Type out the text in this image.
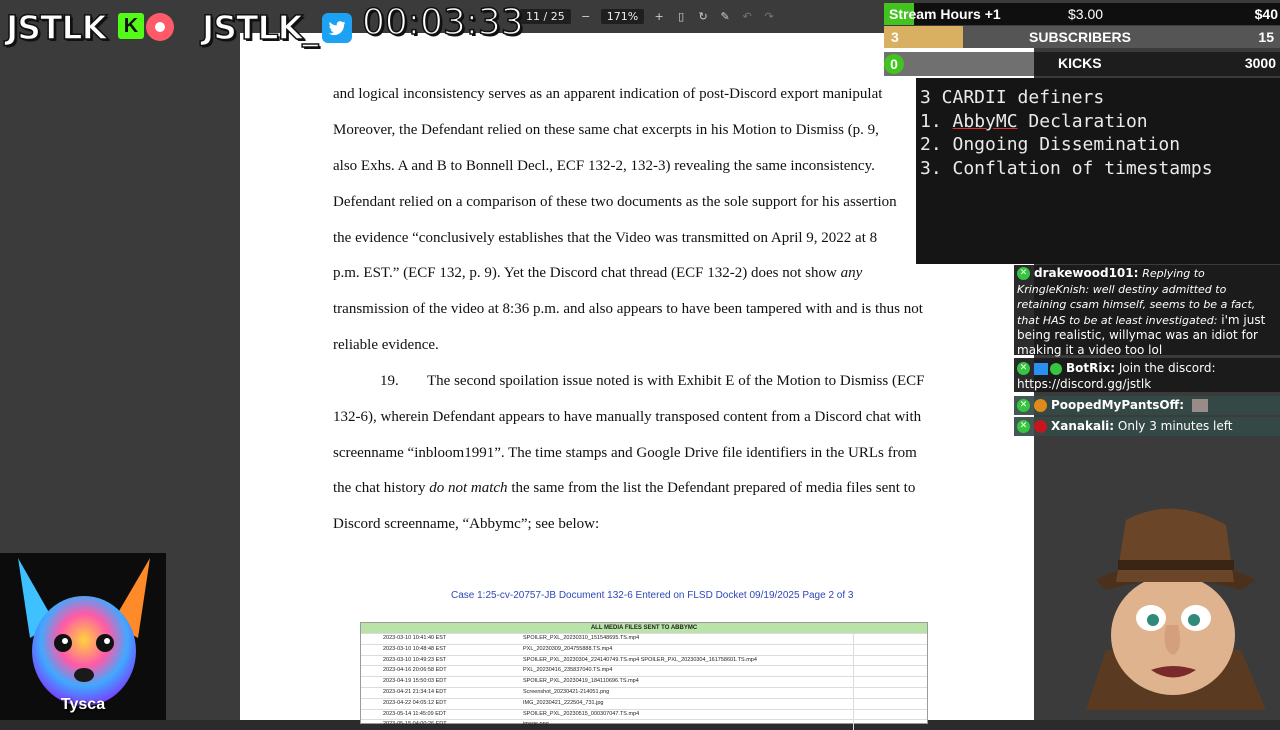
11 / 25	−	171%	+	▯	↻ ✎ ↶ ↷
and logical inconsistency serves as an apparent indication of post-Discord export manipulat
Moreover, the Defendant relied on these same chat excerpts in his Motion to Dismiss (p. 9,
also Exhs. A and B to Bonnell Decl., ECF 132-2, 132-3) revealing the same inconsistency.
Defendant relied on a comparison of these two documents as the sole support for his assertion
the evidence “conclusively establishes that the Video was transmitted on April 9, 2022 at 8
p.m. EST.” (ECF 132, p. 9). Yet the Discord chat thread (ECF 132-2) does not show any
transmission of the video at 8:36 p.m. and also appears to have been tampered with and is thus not
reliable evidence.
19. The second spoilation issue noted is with Exhibit E of the Motion to Dismiss (ECF
132-6), wherein Defendant appears to have manually transposed content from a Discord chat with
screenname “inbloom1991”. The time stamps and Google Drive file identifiers in the URLs from
the chat history do not match the same from the list the Defendant prepared of media files sent to
Discord screenname, “Abbymc”; see below:
Case 1:25-cv-20757-JB Document 132-6 Entered on FLSD Docket 09/19/2025 Page 2 of 3
ALL MEDIA FILES SENT TO ABBYMC
2023-03-10 10:41:40 EST	SPOILER_PXL_20230310_151548695.TS.mp4
2023-03-10 10:48:48 EST	PXL_20230309_204755888.TS.mp4
2023-03-10 10:49:23 EST	SPOILER_PXL_20230304_224140749.TS.mp4 SPOILER_PXL_20230304_161758601.TS.mp4
2023-04-16 20:06:58 EDT	PXL_20230416_235837040.TS.mp4
2023-04-19 15:50:03 EDT	SPOILER_PXL_20230419_184110696.TS.mp4
2023-04-21 21:34:14 EDT	Screenshot_20230421-214051.png
2023-04-22 04:05:12 EDT	IMG_20230421_222504_731.jpg
2023-05-14 11:45:09 EDT	SPOILER_PXL_20230515_000307047.TS.mp4
2023-05-15 04:00:26 EDT	image.png
JSTLK K JSTLK_ 00:03:33	Stream Hours +1	$3.00	$40
3	SUBSCRIBERS	15
0	KICKS	3000
3 CARDII definers
1. AbbyMC Declaration
2. Ongoing Dissemination
3. Conflation of timestamps
✕ drakewood101: Replying to KringleKnish: well destiny admitted to retaining csam himself, seems to be a fact, that HAS to be at least investigated: i'm just being realistic, willymac was an idiot for making it a video too lol
✕	BotRix: Join the discord: https://discord.gg/jstlk
✕ PoopedMyPantsOff:
✕ Xanakali: Only 3 minutes left
Tysca
